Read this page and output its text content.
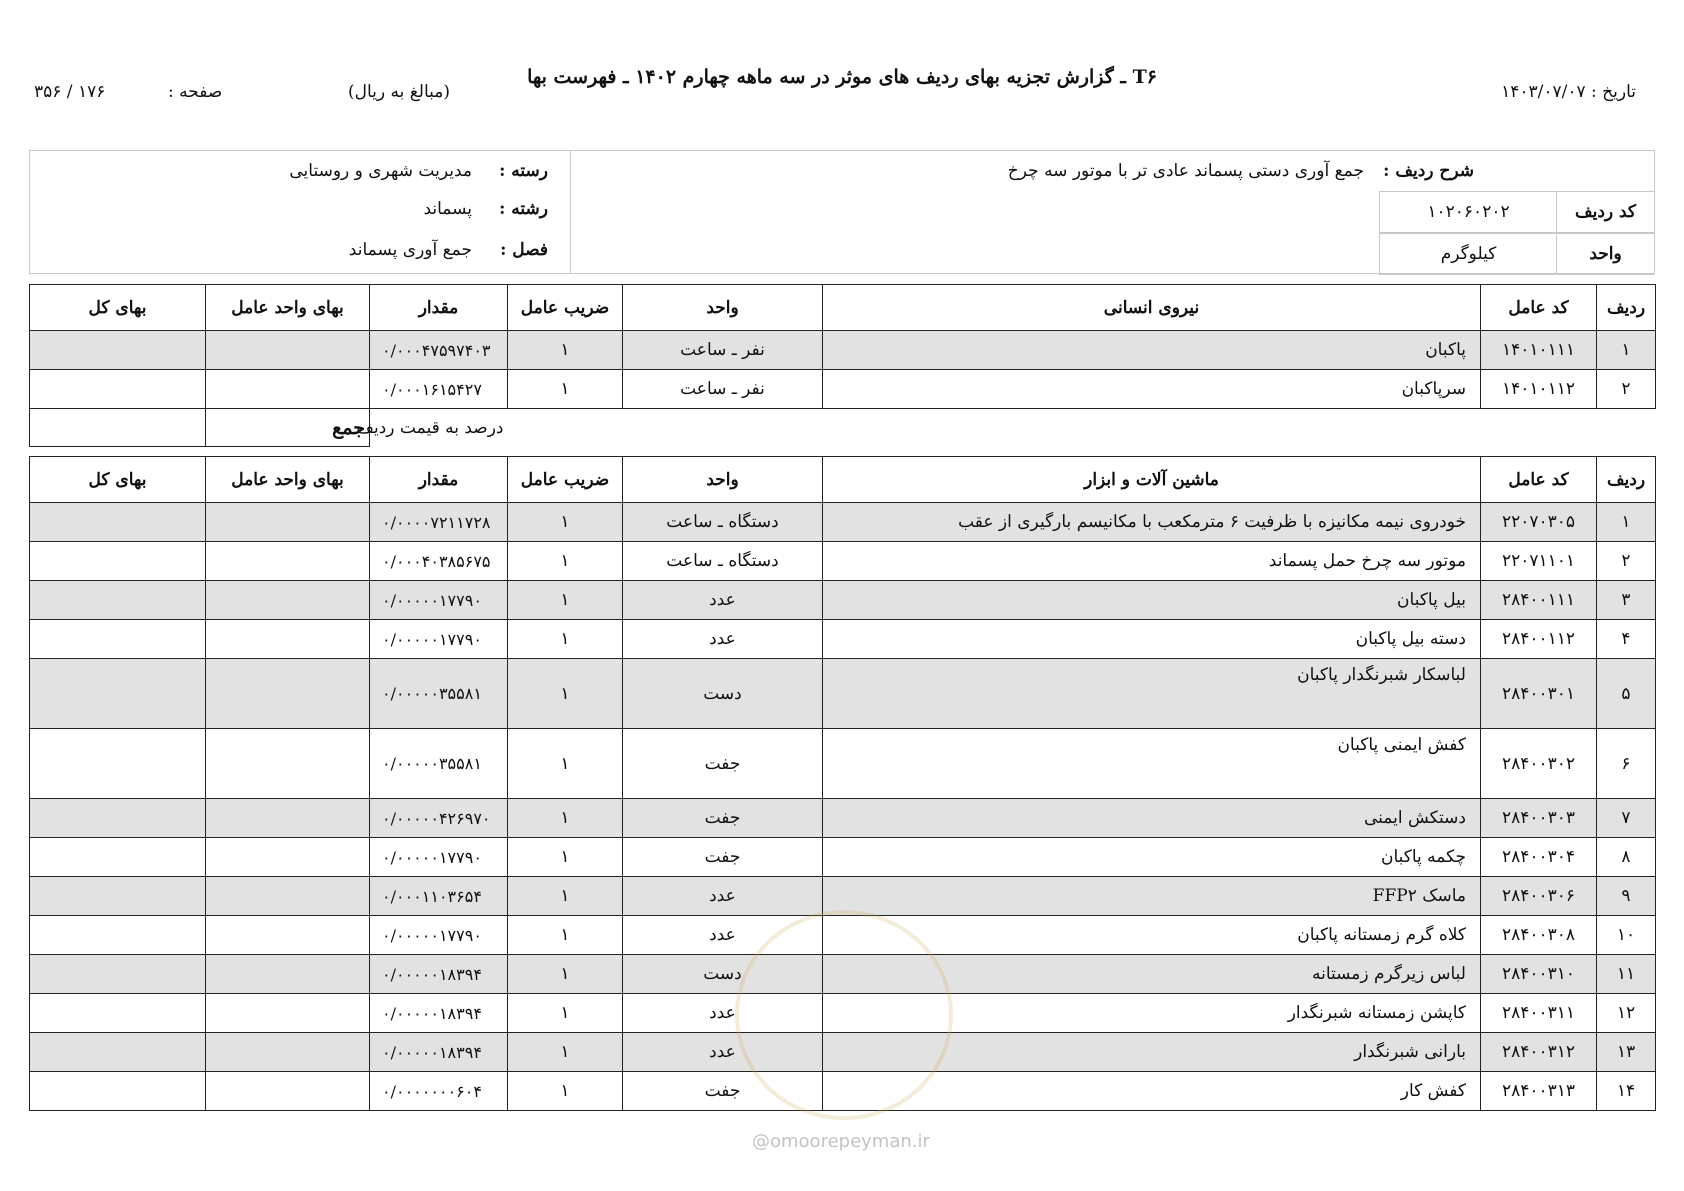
T۶ ـ گزارش تجزیه بهای ردیف های موثر در سه ماهه چهارم ۱۴۰۲ ـ فهرست بها
تاریخ : ۱۴۰۳/۰۷/۰۷
(مبالغ به ریال)
صفحه :
۱۷۶ / ۳۵۶
شرح ردیف :
جمع آوری دستی پسماند عادی تر با موتور سه چرخ
کد ردیف
۱۰۲۰۶۰۲۰۲
واحد
کیلوگرم
رسته :
مدیریت شهری و روستایی
رشته :
پسماند
فصل :
جمع آوری پسماند
ردیف	کد عامل	نیروی انسانی	واحد	ضریب عامل	مقدار	بهای واحد عامل	بهای کل
۱	۱۴۰۱۰۱۱۱	پاکبان	نفر ـ ساعت	۱	۰/۰۰۰۴۷۵۹۷۴۰۳		
۲	۱۴۰۱۰۱۱۲	سرپاکبان	نفر ـ ساعت	۱	۰/۰۰۰۱۶۱۵۴۲۷		
					درصد به قیمت ردیف	جمع	
ردیف	کد عامل	ماشین آلات و ابزار	واحد	ضریب عامل	مقدار	بهای واحد عامل	بهای کل
۱	۲۲۰۷۰۳۰۵	خودروی نیمه مکانیزه با ظرفیت ۶ مترمکعب با مکانیسم بارگیری از عقب	دستگاه ـ ساعت	۱	۰/۰۰۰۰۷۲۱۱۷۲۸		
۲	۲۲۰۷۱۱۰۱	موتور سه چرخ حمل پسماند	دستگاه ـ ساعت	۱	۰/۰۰۰۴۰۳۸۵۶۷۵		
۳	۲۸۴۰۰۱۱۱	بیل پاکبان	عدد	۱	۰/۰۰۰۰۰۱۷۷۹۰		
۴	۲۸۴۰۰۱۱۲	دسته بیل پاکبان	عدد	۱	۰/۰۰۰۰۰۱۷۷۹۰		
۵	۲۸۴۰۰۳۰۱	لباسکار شبرنگدار پاکبان	دست	۱	۰/۰۰۰۰۰۳۵۵۸۱		
۶	۲۸۴۰۰۳۰۲	کفش ایمنی پاکبان	جفت	۱	۰/۰۰۰۰۰۳۵۵۸۱		
۷	۲۸۴۰۰۳۰۳	دستکش ایمنی	جفت	۱	۰/۰۰۰۰۰۴۲۶۹۷۰		
۸	۲۸۴۰۰۳۰۴	چکمه پاکبان	جفت	۱	۰/۰۰۰۰۰۱۷۷۹۰		
۹	۲۸۴۰۰۳۰۶	ماسک FFP۲	عدد	۱	۰/۰۰۰۱۱۰۳۶۵۴		
۱۰	۲۸۴۰۰۳۰۸	کلاه گرم زمستانه پاکبان	عدد	۱	۰/۰۰۰۰۰۱۷۷۹۰		
۱۱	۲۸۴۰۰۳۱۰	لباس زیرگرم زمستانه	دست	۱	۰/۰۰۰۰۰۱۸۳۹۴		
۱۲	۲۸۴۰۰۳۱۱	کاپشن زمستانه شبرنگدار	عدد	۱	۰/۰۰۰۰۰۱۸۳۹۴		
۱۳	۲۸۴۰۰۳۱۲	بارانی شبرنگدار	عدد	۱	۰/۰۰۰۰۰۱۸۳۹۴		
۱۴	۲۸۴۰۰۳۱۳	کفش کار	جفت	۱	۰/۰۰۰۰۰۰۰۶۰۴		
@omoorepeyman.ir
